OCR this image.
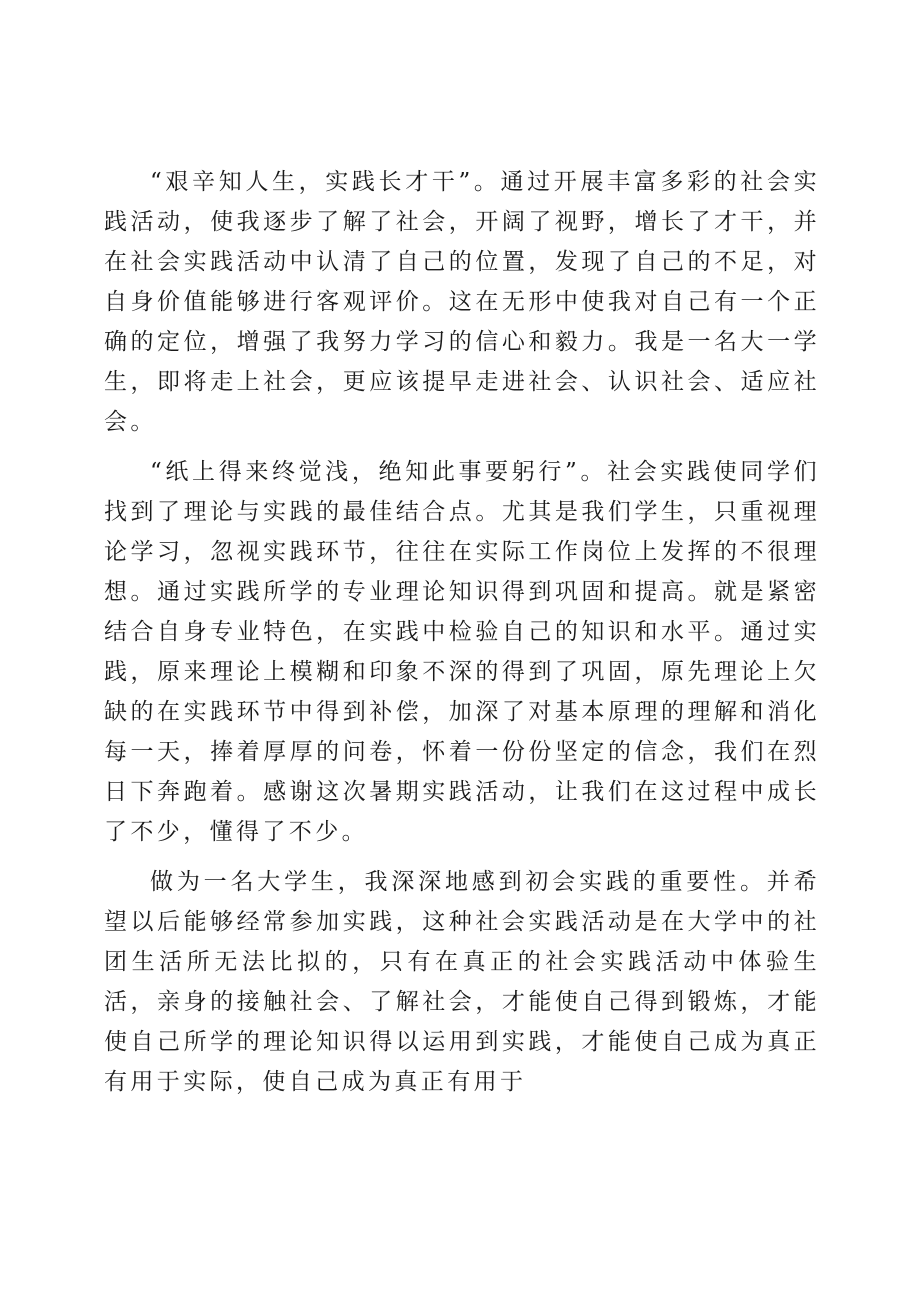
“艰辛知人生，实践长才干”。通过开展丰富多彩的社会实践活动，使我逐步了解了社会，开阔了视野，增长了才干，并在社会实践活动中认清了自己的位置，发现了自己的不足，对自身价值能够进行客观评价。这在无形中使我对自己有一个正确的定位，增强了我努力学习的信心和毅力。我是一名大一学生，即将走上社会，更应该提早走进社会、认识社会、适应社会。

“纸上得来终觉浅，绝知此事要躬行”。社会实践使同学们找到了理论与实践的最佳结合点。尤其是我们学生，只重视理论学习，忽视实践环节，往往在实际工作岗位上发挥的不很理想。通过实践所学的专业理论知识得到巩固和提高。就是紧密结合自身专业特色，在实践中检验自己的知识和水平。通过实践，原来理论上模糊和印象不深的得到了巩固，原先理论上欠缺的在实践环节中得到补偿，加深了对基本原理的理解和消化每一天，捧着厚厚的问卷，怀着一份份坚定的信念，我们在烈日下奔跑着。感谢这次暑期实践活动，让我们在这过程中成长了不少，懂得了不少。

做为一名大学生，我深深地感到初会实践的重要性。并希望以后能够经常参加实践，这种社会实践活动是在大学中的社团生活所无法比拟的，只有在真正的社会实践活动中体验生活，亲身的接触社会、了解社会，才能使自己得到锻炼，才能使自己所学的理论知识得以运用到实践，才能使自己成为真正有用于实际，使自己成为真正有用于
